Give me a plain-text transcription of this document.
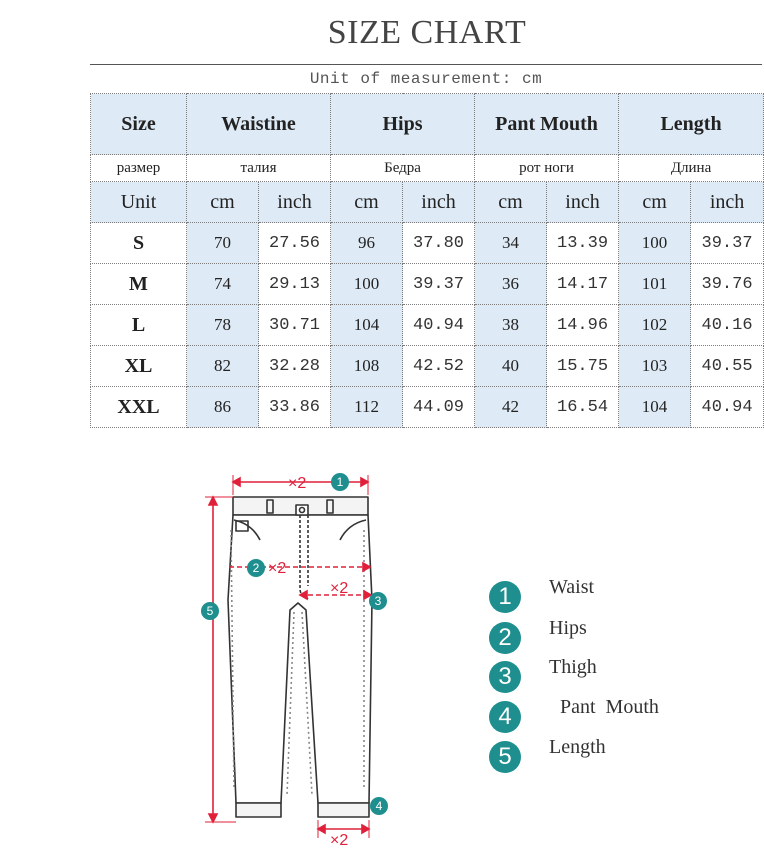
SIZE CHART
Unit of measurement: cm
Size	Waistine		Hips		Pant Mouth		Length	
размер	талия		Бедра		рот ноги		Длина	
Unit	cm	inch	cm	inch	cm	inch	cm	inch
S	70	27.56	96	37.80	34	13.39	100	39.37
M	74	29.13	100	39.37	36	14.17	101	39.76
L	78	30.71	104	40.94	38	14.96	102	40.16
XL	82	32.28	108	42.52	40	15.75	103	40.55
XXL	86	33.86	112	44.09	42	16.54	104	40.94
×2
×2
×2
×2
1
2
3
4
5
1	Waist
2	Hips
3	Thigh
4	Pant  Mouth
5	Length
